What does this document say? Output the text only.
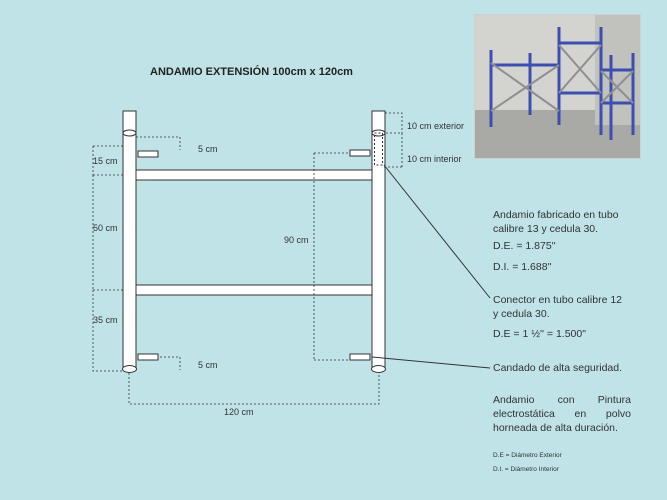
ANDAMIO EXTENSIÓN 100cm x 120cm
5 cm
5 cm
15 cm
50 cm
35 cm
90 cm
120 cm
10 cm exterior
10 cm interior
Andamio fabricado en tubo
calibre 13 y cedula 30.
D.E. = 1.875''
D.I. = 1.688''
Conector en tubo calibre 12
y cedula 30.
D.E = 1 ½'' = 1.500"
Candado de alta seguridad.
Andamio con Pintura electrostática en polvo horneada de alta duración.
D.E = Diámetro Exterior
D.I. = Diámetro Interior
